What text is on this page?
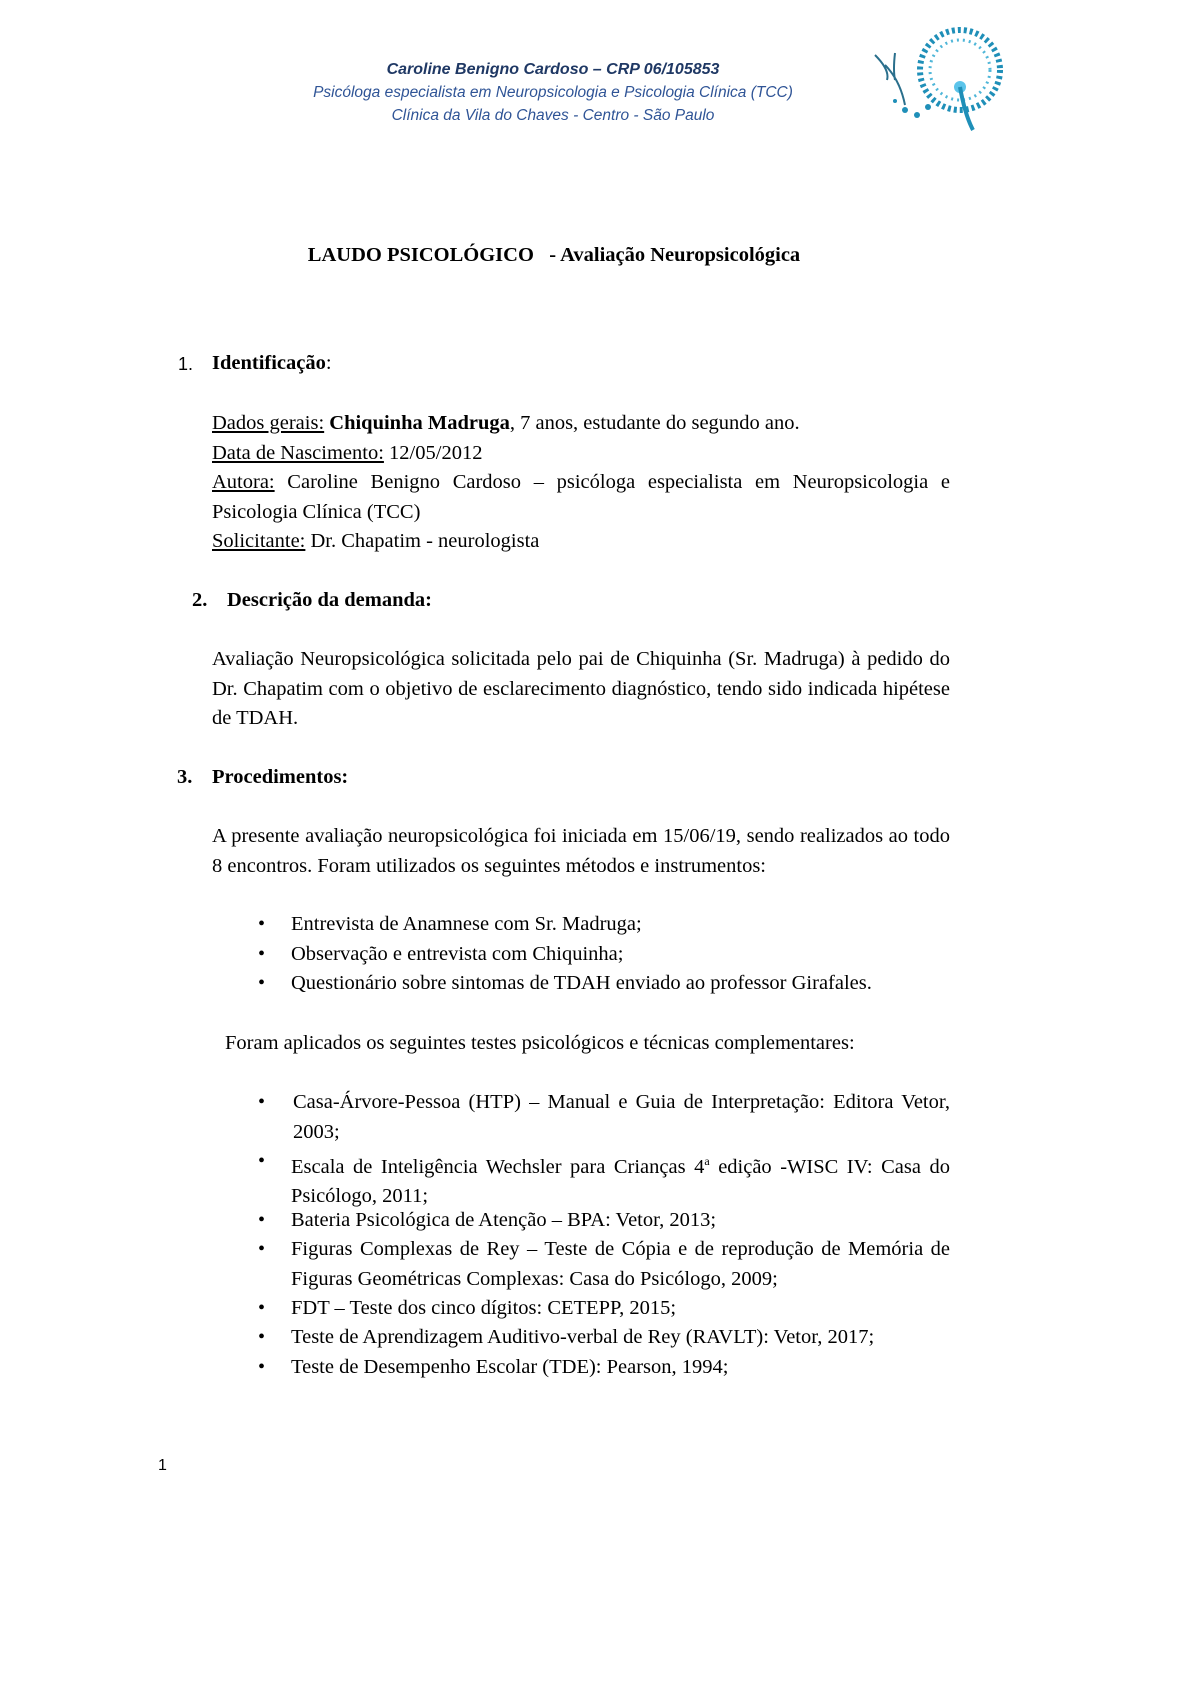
Caroline Benigno Cardoso – CRP 06/105853
Psicóloga especialista em Neuropsicologia e Psicologia Clínica (TCC)
Clínica da Vila do Chaves - Centro - São Paulo
LAUDO PSICOLÓGICO   - Avaliação Neuropsicológica
1. Identificação:
Dados gerais: Chiquinha Madruga, 7 anos, estudante do segundo ano.
Data de Nascimento: 12/05/2012
Autora: Caroline Benigno Cardoso – psicóloga especialista em Neuropsicologia e Psicologia Clínica (TCC)
Solicitante: Dr. Chapatim - neurologista
2. Descrição da demanda:
Avaliação Neuropsicológica solicitada pelo pai de Chiquinha (Sr. Madruga) à pedido do Dr. Chapatim com o objetivo de esclarecimento diagnóstico, tendo sido indicada hipétese de TDAH.
3. Procedimentos:
A presente avaliação neuropsicológica foi iniciada em 15/06/19, sendo realizados ao todo 8 encontros. Foram utilizados os seguintes métodos e instrumentos:
• Entrevista de Anamnese com Sr. Madruga;
• Observação e entrevista com Chiquinha;
• Questionário sobre sintomas de TDAH enviado ao professor Girafales.
Foram aplicados os seguintes testes psicológicos e técnicas complementares:
• Casa-Árvore-Pessoa (HTP) – Manual e Guia de Interpretação: Editora Vetor, 2003;
• Escala de Inteligência Wechsler para Crianças 4$^a$ edição -WISC IV: Casa do Psicólogo, 2011;
• Bateria Psicológica de Atenção – BPA: Vetor, 2013;
• Figuras Complexas de Rey – Teste de Cópia e de reprodução de Memória de Figuras Geométricas Complexas: Casa do Psicólogo, 2009;
• FDT – Teste dos cinco dígitos: CETEPP, 2015;
• Teste de Aprendizagem Auditivo-verbal de Rey (RAVLT): Vetor, 2017;
• Teste de Desempenho Escolar (TDE): Pearson, 1994;
1
